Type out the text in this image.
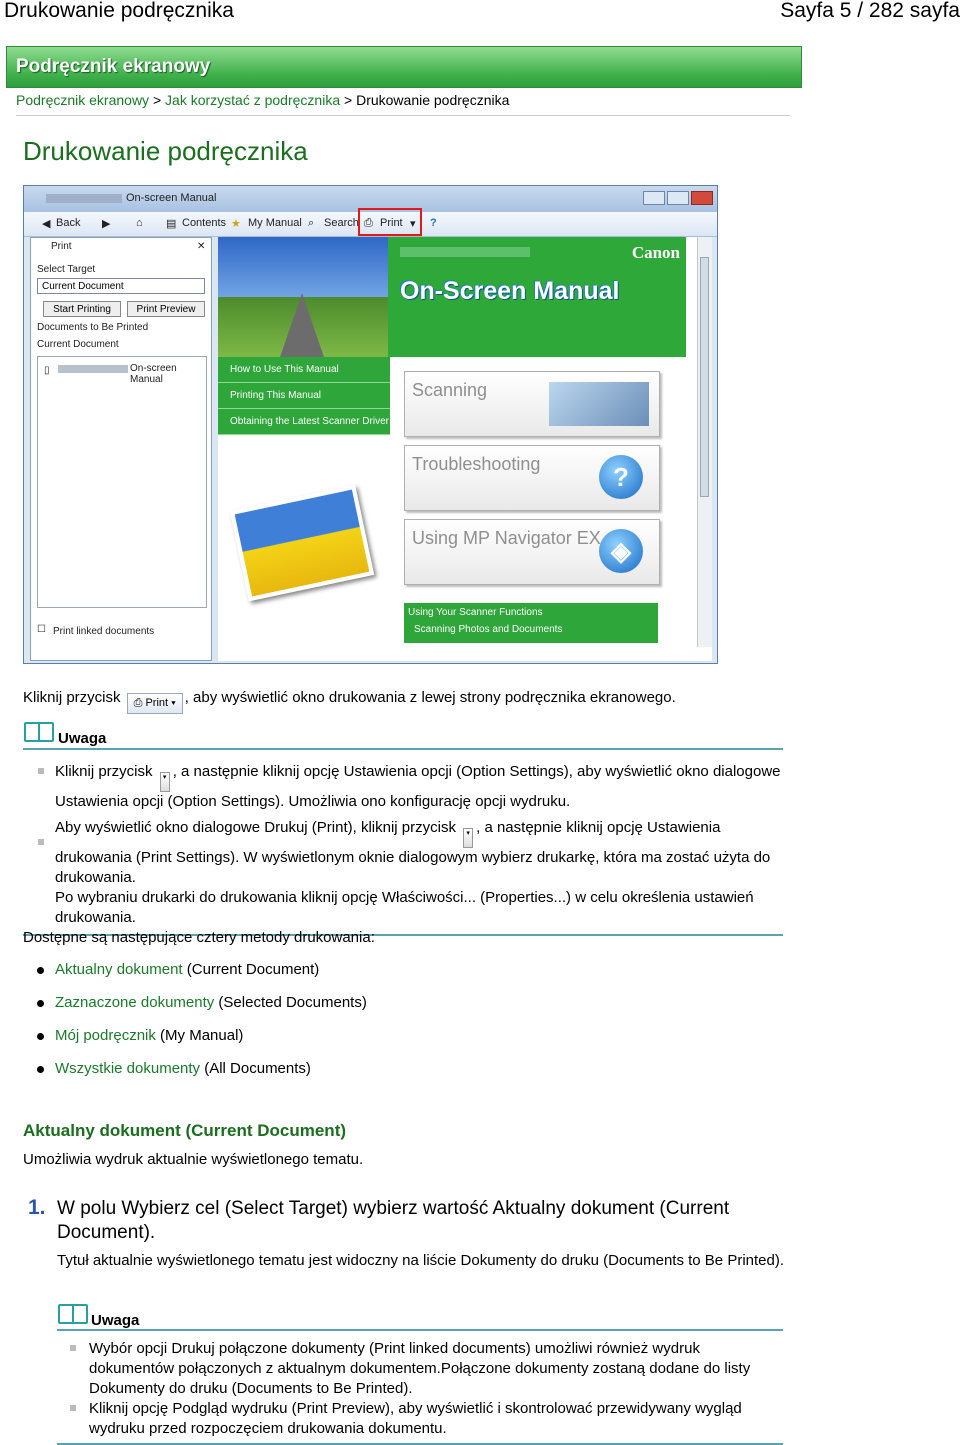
Drukowanie podręcznika	Sayfa 5 / 282 sayfa
Podręcznik ekranowy
Podręcznik ekranowy > Jak korzystać z podręcznika > Drukowanie podręcznika
Drukowanie podręcznika
On-screen Manual
◀ Back ▶ ⌂ ▤ Contents ★ My Manual ⌕ Search ⎙ Print ▾ ?
Print	✕
Select Target
Current Document
Start Printing	Print Preview
Documents to Be Printed
Current Document
▯	On-screen Manual
☐ Print linked documents
Canon
On-Screen Manual
How to Use This Manual
Printing This Manual
Obtaining the Latest Scanner Driver
Scanning
Troubleshooting	?
Using MP Navigator EX ◈
Using Your Scanner Functions
Scanning Photos and Documents
Kliknij przycisk ⎙ Print ▾ , aby wyświetlić okno drukowania z lewej strony podręcznika ekranowego.
Uwaga
Kliknij przycisk ▾ , a następnie kliknij opcję Ustawienia opcji (Option Settings), aby wyświetlić okno dialogowe Ustawienia opcji (Option Settings). Umożliwia ono konfigurację opcji wydruku.
Aby wyświetlić okno dialogowe Drukuj (Print), kliknij przycisk ▾ , a następnie kliknij opcję Ustawienia drukowania (Print Settings). W wyświetlonym oknie dialogowym wybierz drukarkę, która ma zostać użyta do drukowania.
Po wybraniu drukarki do drukowania kliknij opcję Właściwości... (Properties...) w celu określenia ustawień drukowania.
Dostępne są następujące cztery metody drukowania:
Aktualny dokument (Current Document)
Zaznaczone dokumenty (Selected Documents)
Mój podręcznik (My Manual)
Wszystkie dokumenty (All Documents)
Aktualny dokument (Current Document)
Umożliwia wydruk aktualnie wyświetlonego tematu.
1. W polu Wybierz cel (Select Target) wybierz wartość Aktualny dokument (Current Document).
Tytuł aktualnie wyświetlonego tematu jest widoczny na liście Dokumenty do druku (Documents to Be Printed).
Uwaga
Wybór opcji Drukuj połączone dokumenty (Print linked documents) umożliwi również wydruk dokumentów połączonych z aktualnym dokumentem.Połączone dokumenty zostaną dodane do listy Dokumenty do druku (Documents to Be Printed).
Kliknij opcję Podgląd wydruku (Print Preview), aby wyświetlić i skontrolować przewidywany wygląd wydruku przed rozpoczęciem drukowania dokumentu.
